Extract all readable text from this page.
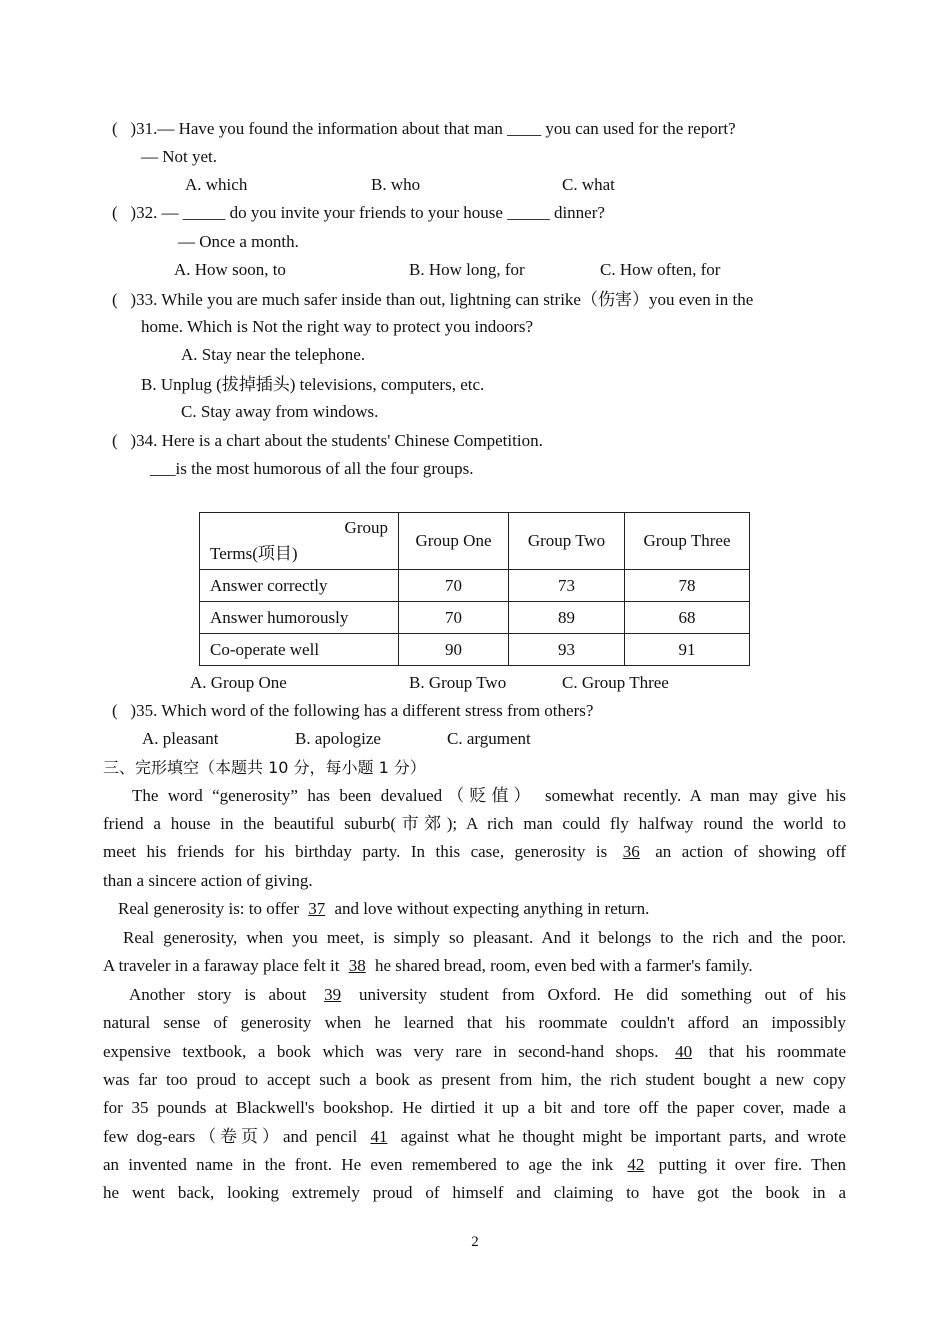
( )31.— Have you found the information about that man ____ you can used for the report?
— Not yet.
A. which	B. who	C. what
( )32. — _____ do you invite your friends to your house _____ dinner?
— Once a month.
A. How soon, to	B. How long, for	C. How often, for
( )33. While you are much safer inside than out, lightning can strike（伤害）you even in the
home. Which is Not the right way to protect you indoors?
A. Stay near the telephone.
B. Unplug (拔掉插头) televisions, computers, etc.
C. Stay away from windows.
( )34. Here is a chart about the students' Chinese Competition.
___is the most humorous of all the four groups.
Group
Terms(项目)	Group One	Group Two	Group Three
Answer correctly	70	73	78
Answer humorously	70	89	68
Co-operate well	90	93	91
A. Group One	B. Group Two	C. Group Three
( )35. Which word of the following has a different stress from others?
A. pleasant	B. apologize	C. argument
三、完形填空（本题共 10 分，每小题 1 分）
The word “generosity” has been devalued（贬值） somewhat recently. A man may give his
friend a house in the beautiful suburb(市郊); A rich man could fly halfway round the world to
meet his friends for his birthday party. In this case, generosity is 36 an action of showing off
than a sincere action of giving.
Real generosity is: to offer 37 and love without expecting anything in return.
Real generosity, when you meet, is simply so pleasant. And it belongs to the rich and the poor.
A traveler in a faraway place felt it 38 he shared bread, room, even bed with a farmer's family.
Another story is about 39 university student from Oxford. He did something out of his
natural sense of generosity when he learned that his roommate couldn't afford an impossibly
expensive textbook, a book which was very rare in second-hand shops. 40 that his roommate
was far too proud to accept such a book as present from him, the rich student bought a new copy
for 35 pounds at Blackwell's bookshop. He dirtied it up a bit and tore off the paper cover, made a
few dog-ears（卷页）and pencil 41 against what he thought might be important parts, and wrote
an invented name in the front. He even remembered to age the ink 42 putting it over fire. Then
he went back, looking extremely proud of himself and claiming to have got the book in a
2
